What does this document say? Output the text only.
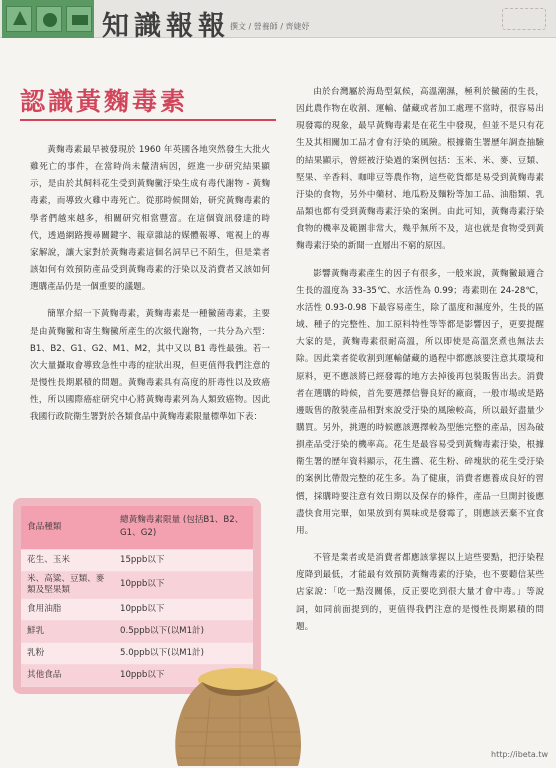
知識報報 撰文 / 營養師 / 齊婕妤
認識黃麴毒素

黃麴毒素最早被發現於 1960 年英國各地突然發生大批火雞死亡的事件，在當時尚未釐清病因，經進一步研究結果顯示，是由於其飼料花生受到黃麴黴汙染生成有毒代謝物 - 黃麴毒素，而導致火雞中毒死亡。從那時候開始，研究黃麴毒素的學者們越來越多，相關研究相當豐富。在這個資訊發達的時代，透過網路搜尋關鍵字、報章雜誌的媒體報導、電視上的專家解說，讓大家對於黃麴毒素這個名詞早已不陌生，但是業者該如何有效預防產品受到黃麴毒素的汙染以及消費者又該如何選購產品仍是一個重要的議題。

簡單介紹一下黃麴毒素，黃麴毒素是一種黴菌毒素，主要是由黃麴黴和寄生麴黴所產生的次級代謝物，一共分為六型：B1、B2、G1、G2、M1、M2，其中又以 B1 毒性最強。若一次大量攝取會導致急性中毒的症狀出現，但更值得我們注意的是慢性長期累積的問題。黃麴毒素具有高度的肝毒性以及致癌性，所以國際癌症研究中心將黃麴毒素列為人類致癌物。因此我國行政院衛生署對於各類食品中黃麴毒素限量標準如下表：

由於台灣屬於海島型氣候，高溫潮濕，極利於黴菌的生長，因此農作物在收割、運輸、儲藏或者加工處理不當時，很容易出現發霉的現象，最早黃麴毒素是在花生中發現，但並不是只有花生及其相關加工品才會有汙染的風險。根據衛生署歷年調查抽驗的結果顯示，曾經被汙染過的案例包括：玉米、米、麥、豆類、堅果、辛香料、咖啡豆等農作物，這些乾貨都是易受到黃麴毒素汙染的食物，另外中藥材、地瓜粉及麵粉等加工品、油脂類、乳品類也都有受到黃麴毒素汙染的案例。由此可知，黃麴毒素汙染食物的機率及範圍非常大，幾乎無所不及，這也就是食物受到黃麴毒素汙染的新聞一直層出不窮的原因。

影響黃麴毒素產生的因子有很多，一般來說，黃麴黴最適合生長的溫度為 33-35℃、水活性為 0.99；毒素則在 24-28℃，水活性 0.93-0.98 下最容易產生，除了溫度和濕度外，生長的區域、種子的完整性、加工原料特性等等都是影響因子，更要提醒大家的是，黃麴毒素很耐高溫，所以即使是高溫烹煮也無法去除。因此業者從收割到運輸儲藏的過程中都應該要注意其環境和原料，更不應該將已經發霉的地方去掉後再包裝販售出去。消費者在選購的時候，首先要選擇信譽良好的廠商，一般市場或是路邊販售的散裝產品相對來說受汙染的風險較高，所以最好盡量少購買。另外，挑選的時候應該選擇較為型態完整的產品，因為破損產品受汙染的機率高。花生是最容易受到黃麴毒素汙染，根據衛生署的歷年資料顯示，花生醬、花生粉、碎塊狀的花生受汙染的案例比帶殼完整的花生多。為了健康，消費者應養成良好的習慣，採購時要注意有效日期以及保存的條件，產品一旦開封後應盡快食用完畢，如果放到有異味或是發霉了，則應該丟棄不宜食用。

不管是業者或是消費者都應該掌握以上這些要點，把汙染程度降到最低，才能最有效預防黃麴毒素的汙染，也不要聽信某些店家說：「吃一點沒關係，反正要吃到很大量才會中毒。」等說詞，如同前面提到的，更值得我們注意的是慢性長期累積的問題。

食品種類	總黃麴毒素限量 (包括B1、B2、G1、G2)
花生、玉米	15ppb以下
米、高粱、豆類、麥類及堅果類	10ppb以下
食用油脂	10ppb以下
鮮乳	0.5ppb以下(以M1計)
乳粉	5.0ppb以下(以M1計)
其他食品	10ppb以下
http://ibeta.tw
